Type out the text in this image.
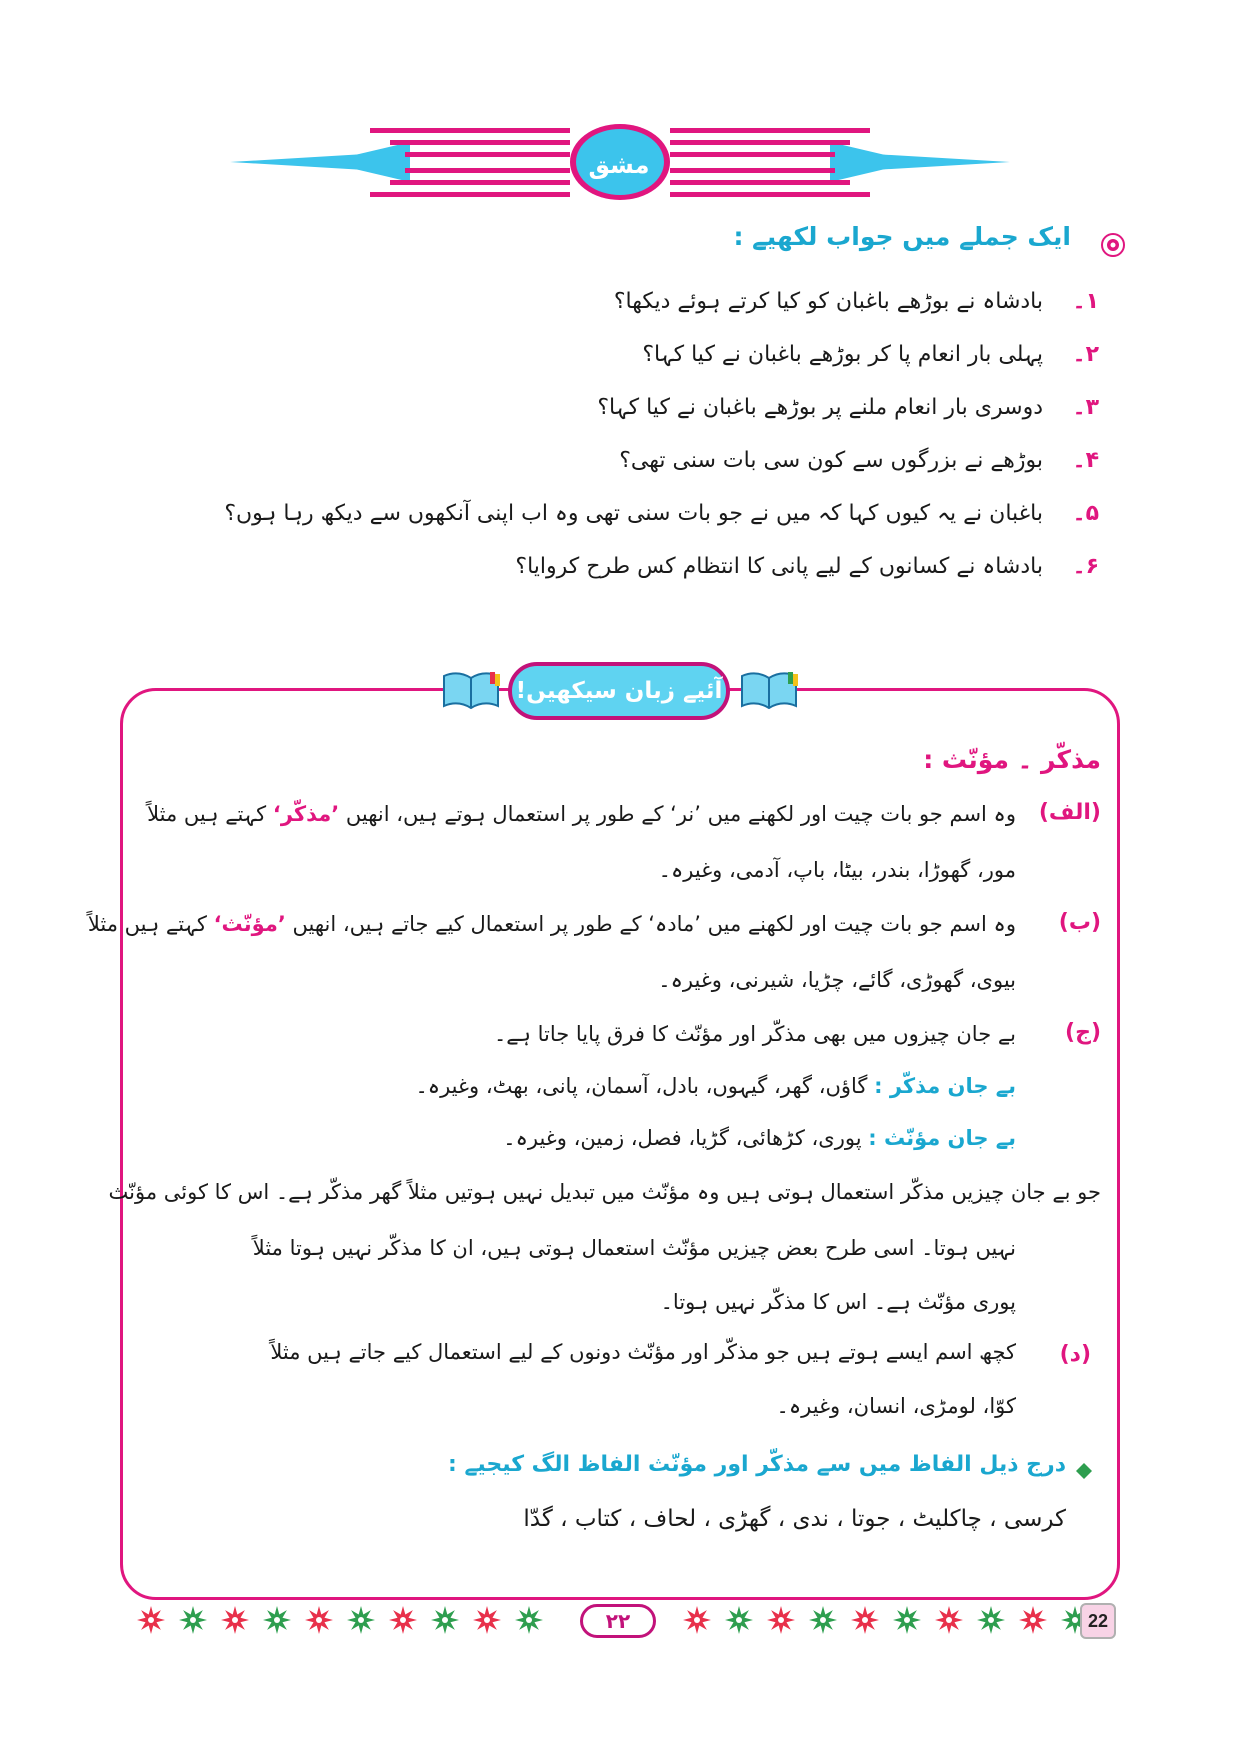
مشق
ایک جملے میں جواب لکھیے :
۱۔
بادشاہ نے بوڑھے باغبان کو کیا کرتے ہوئے دیکھا؟
۲۔
پہلی بار انعام پا کر بوڑھے باغبان نے کیا کہا؟
۳۔
دوسری بار انعام ملنے پر بوڑھے باغبان نے کیا کہا؟
۴۔
بوڑھے نے بزرگوں سے کون سی بات سنی تھی؟
۵۔
باغبان نے یہ کیوں کہا کہ میں نے جو بات سنی تھی وہ اب اپنی آنکھوں سے دیکھ رہا ہوں؟
۶۔
بادشاہ نے کسانوں کے لیے پانی کا انتظام کس طرح کروایا؟
آئیے زبان سیکھیں!
مذکّر ۔ مؤنّث :
(الف)
وہ اسم جو بات چیت اور لکھنے میں ’نر‘ کے طور پر استعمال ہوتے ہیں، انھیں ’مذکّر‘ کہتے ہیں مثلاً
مور، گھوڑا، بندر، بیٹا، باپ، آدمی، وغیرہ۔
(ب)
وہ اسم جو بات چیت اور لکھنے میں ’مادہ‘ کے طور پر استعمال کیے جاتے ہیں، انھیں ’مؤنّث‘ کہتے ہیں مثلاً
بیوی، گھوڑی، گائے، چڑیا، شیرنی، وغیرہ۔
(ج)
بے جان چیزوں میں بھی مذکّر اور مؤنّث کا فرق پایا جاتا ہے۔
بے جان مذکّر : گاؤں، گھر، گیہوں، بادل، آسمان، پانی، بھٹ، وغیرہ۔
بے جان مؤنّث : پوری، کڑھائی، گڑیا، فصل، زمین، وغیرہ۔
جو بے جان چیزیں مذکّر استعمال ہوتی ہیں وہ مؤنّث میں تبدیل نہیں ہوتیں مثلاً گھر مذکّر ہے۔ اس کا کوئی مؤنّث
نہیں ہوتا۔ اسی طرح بعض چیزیں مؤنّث استعمال ہوتی ہیں، ان کا مذکّر نہیں ہوتا مثلاً
پوری مؤنّث ہے۔ اس کا مذکّر نہیں ہوتا۔
(د)
کچھ اسم ایسے ہوتے ہیں جو مذکّر اور مؤنّث دونوں کے لیے استعمال کیے جاتے ہیں مثلاً
کوّا، لومڑی، انسان، وغیرہ۔
درج ذیل الفاظ میں سے مذکّر اور مؤنّث الفاظ الگ کیجیے :
کرسی ، چاکلیٹ ، جوتا ، ندی ، گھڑی ، لحاف ، کتاب ، گدّا
۲۲	22
